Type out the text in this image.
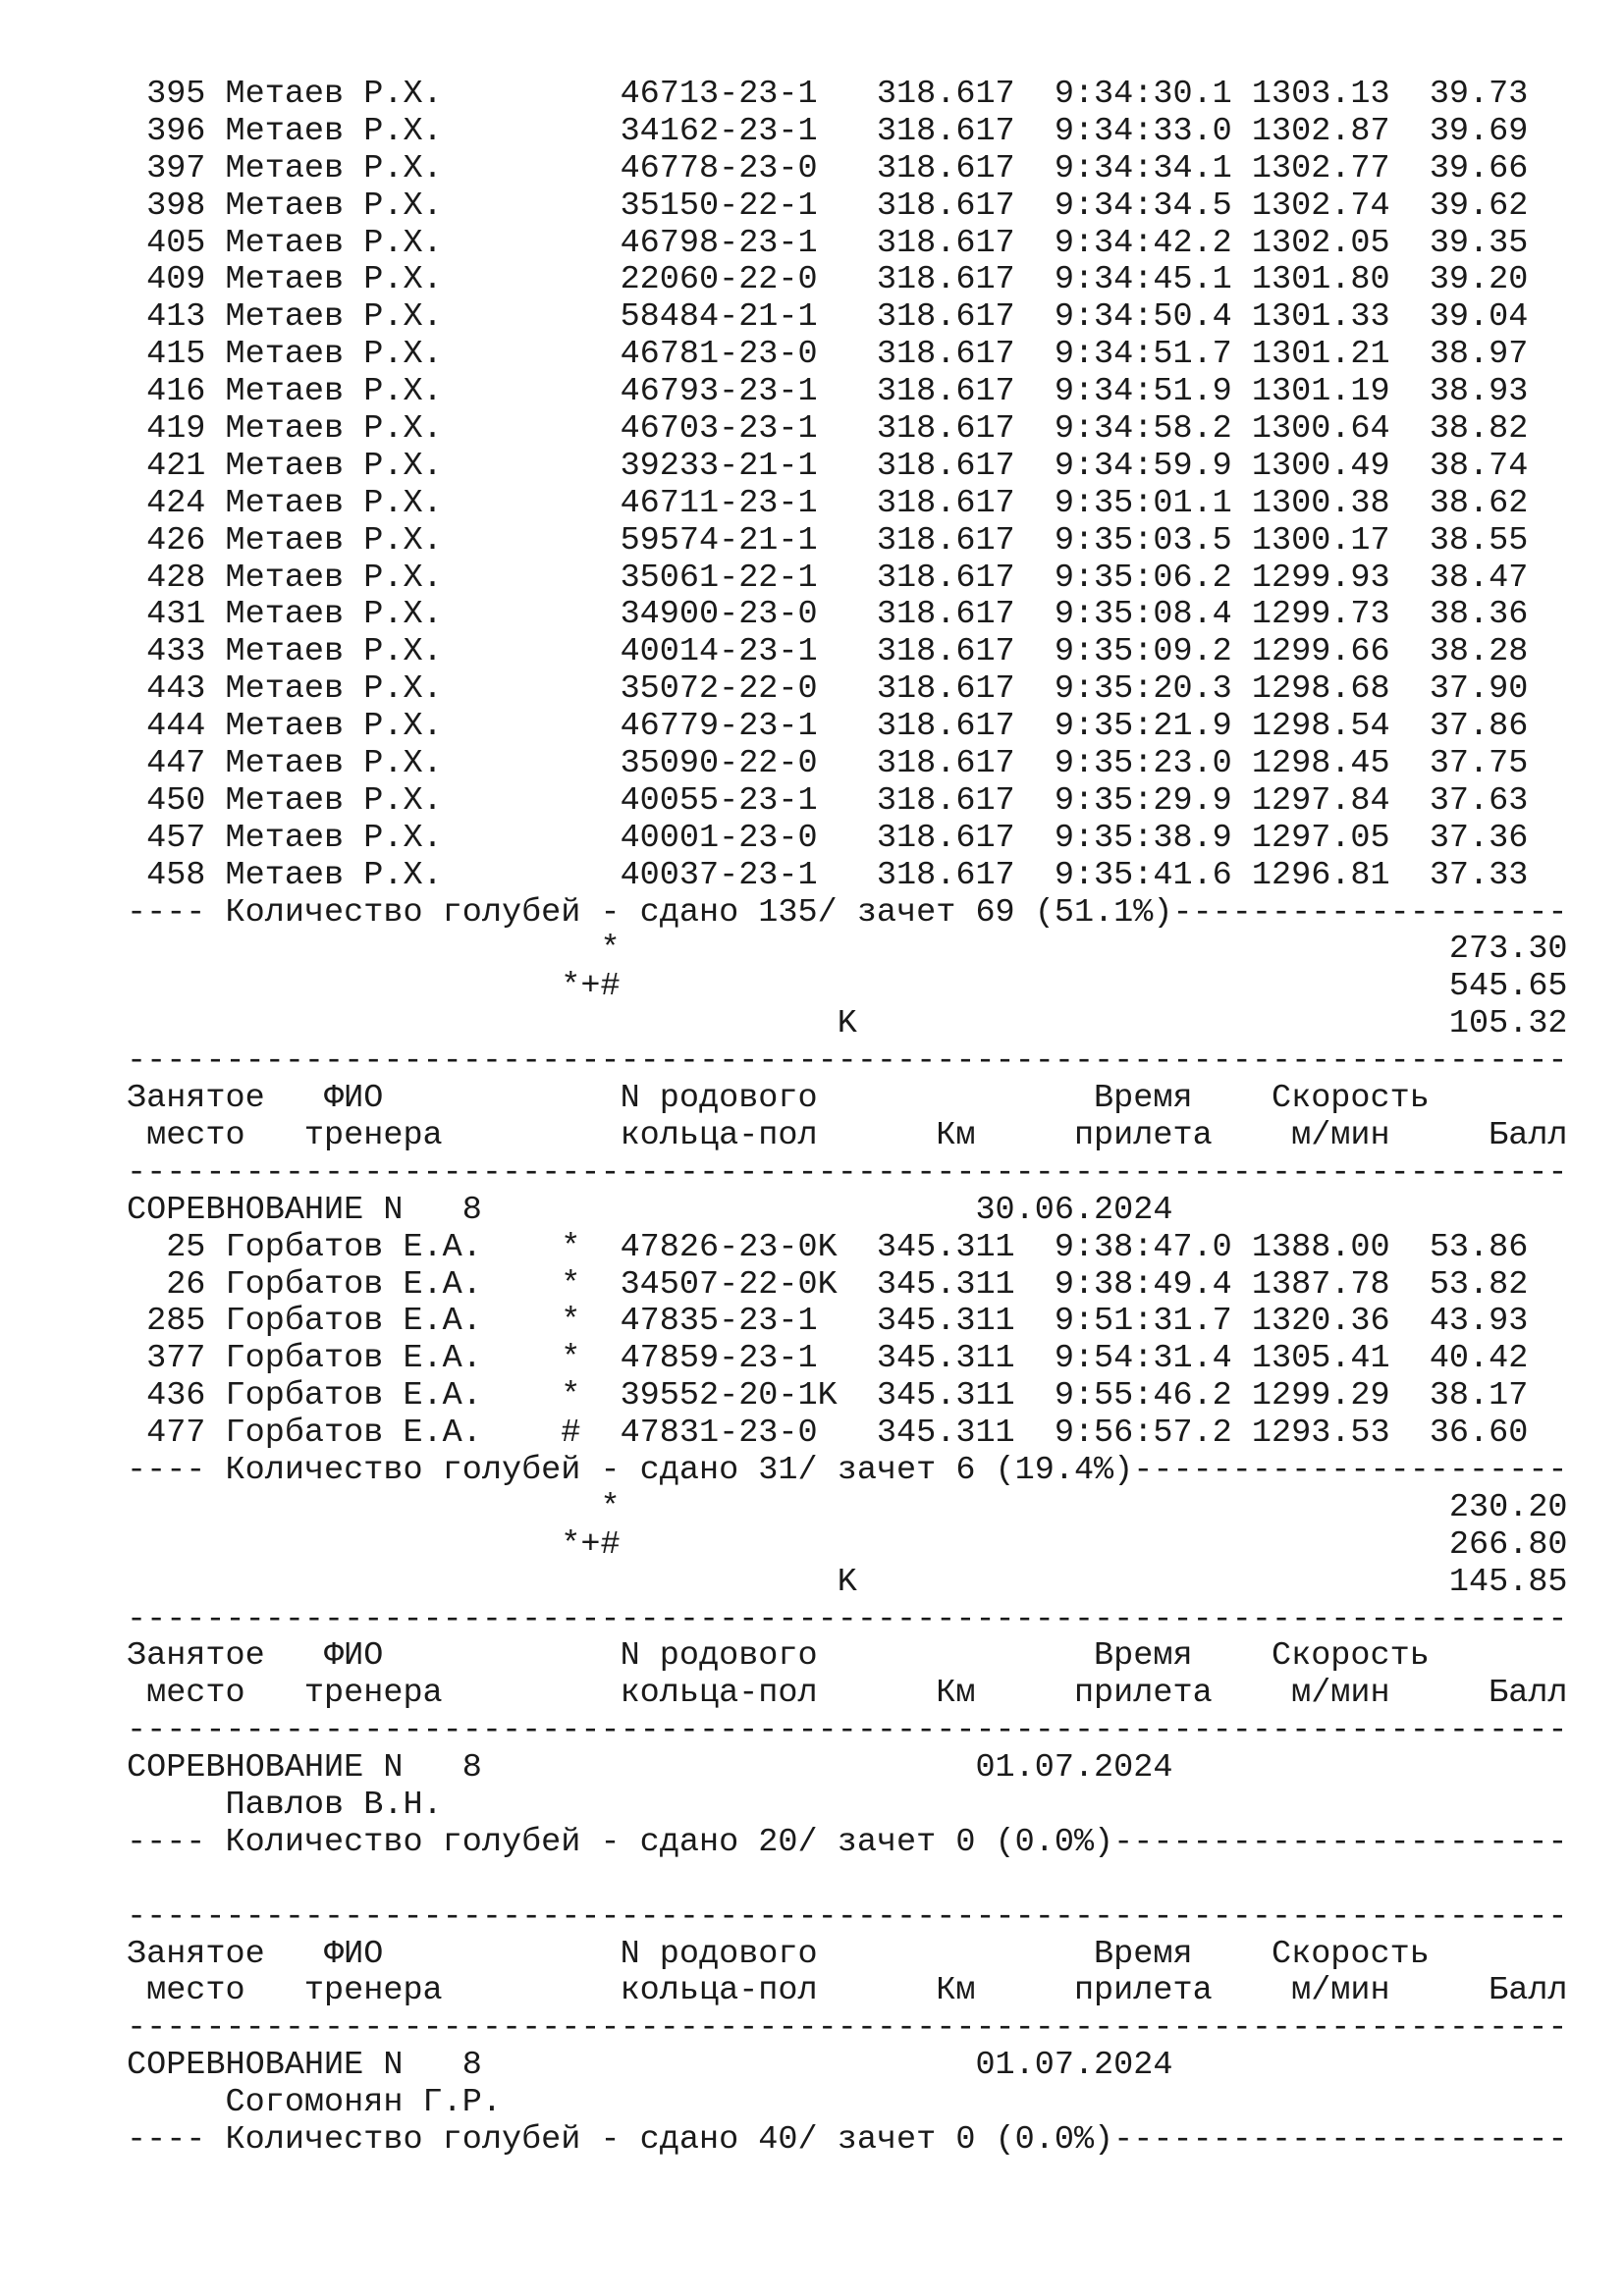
395 Метаев Р.Х.         46713-23-1   318.617  9:34:30.1 1303.13  39.73
396 Метаев Р.Х.         34162-23-1   318.617  9:34:33.0 1302.87  39.69
397 Метаев Р.Х.         46778-23-0   318.617  9:34:34.1 1302.77  39.66
398 Метаев Р.Х.         35150-22-1   318.617  9:34:34.5 1302.74  39.62
405 Метаев Р.Х.         46798-23-1   318.617  9:34:42.2 1302.05  39.35
409 Метаев Р.Х.         22060-22-0   318.617  9:34:45.1 1301.80  39.20
413 Метаев Р.Х.         58484-21-1   318.617  9:34:50.4 1301.33  39.04
415 Метаев Р.Х.         46781-23-0   318.617  9:34:51.7 1301.21  38.97
416 Метаев Р.Х.         46793-23-1   318.617  9:34:51.9 1301.19  38.93
419 Метаев Р.Х.         46703-23-1   318.617  9:34:58.2 1300.64  38.82
421 Метаев Р.Х.         39233-21-1   318.617  9:34:59.9 1300.49  38.74
424 Метаев Р.Х.         46711-23-1   318.617  9:35:01.1 1300.38  38.62
426 Метаев Р.Х.         59574-21-1   318.617  9:35:03.5 1300.17  38.55
428 Метаев Р.Х.         35061-22-1   318.617  9:35:06.2 1299.93  38.47
431 Метаев Р.Х.         34900-23-0   318.617  9:35:08.4 1299.73  38.36
433 Метаев Р.Х.         40014-23-1   318.617  9:35:09.2 1299.66  38.28
443 Метаев Р.Х.         35072-22-0   318.617  9:35:20.3 1298.68  37.90
444 Метаев Р.Х.         46779-23-1   318.617  9:35:21.9 1298.54  37.86
447 Метаев Р.Х.         35090-22-0   318.617  9:35:23.0 1298.45  37.75
450 Метаев Р.Х.         40055-23-1   318.617  9:35:29.9 1297.84  37.63
457 Метаев Р.Х.         40001-23-0   318.617  9:35:38.9 1297.05  37.36
458 Метаев Р.Х.         40037-23-1   318.617  9:35:41.6 1296.81  37.33
---- Количество голубей - сдано 135/ зачет 69 (51.1%)--------------------
*                                          273.30
*+#                                          545.65
K                              105.32
-------------------------------------------------------------------------
Занятое   ФИО            N родового              Время    Скорость
место   тренера         кольца-пол      Км     прилета    м/мин     Балл
-------------------------------------------------------------------------
СОРЕВНОВАНИЕ N   8                         30.06.2024
25 Горбатов Е.А.    *  47826-23-0K  345.311  9:38:47.0 1388.00  53.86
26 Горбатов Е.А.    *  34507-22-0K  345.311  9:38:49.4 1387.78  53.82
285 Горбатов Е.А.    *  47835-23-1   345.311  9:51:31.7 1320.36  43.93
377 Горбатов Е.А.    *  47859-23-1   345.311  9:54:31.4 1305.41  40.42
436 Горбатов Е.А.    *  39552-20-1K  345.311  9:55:46.2 1299.29  38.17
477 Горбатов Е.А.    #  47831-23-0   345.311  9:56:57.2 1293.53  36.60
---- Количество голубей - сдано 31/ зачет 6 (19.4%)----------------------
*                                          230.20
*+#                                          266.80
K                              145.85
-------------------------------------------------------------------------
Занятое   ФИО            N родового              Время    Скорость
место   тренера         кольца-пол      Км     прилета    м/мин     Балл
-------------------------------------------------------------------------
СОРЕВНОВАНИЕ N   8                         01.07.2024
Павлов В.Н.
---- Количество голубей - сдано 20/ зачет 0 (0.0%)-----------------------
-------------------------------------------------------------------------
Занятое   ФИО            N родового              Время    Скорость
место   тренера         кольца-пол      Км     прилета    м/мин     Балл
-------------------------------------------------------------------------
СОРЕВНОВАНИЕ N   8                         01.07.2024
Согомонян Г.Р.
---- Количество голубей - сдано 40/ зачет 0 (0.0%)-----------------------
